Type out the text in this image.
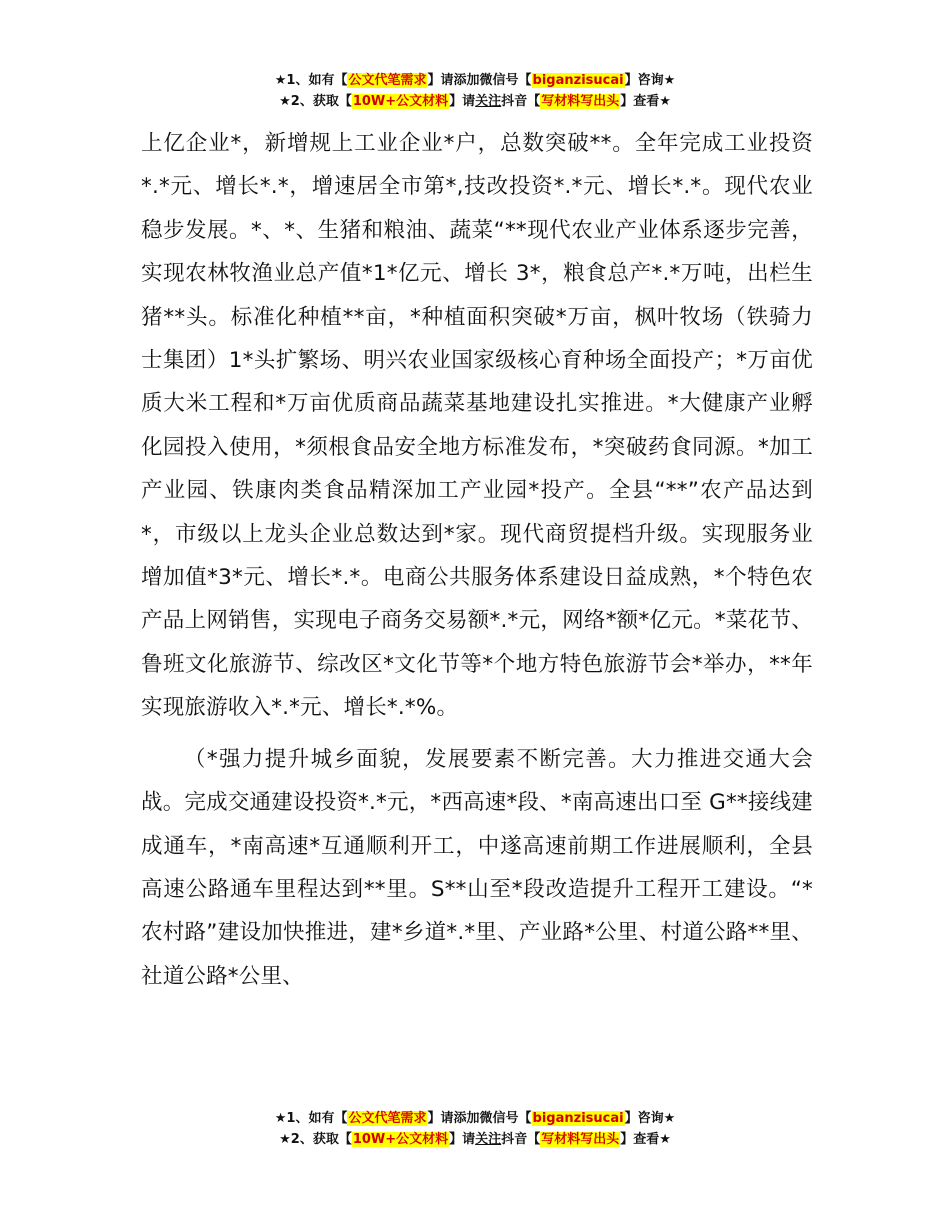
★1、如有【公文代笔需求】请添加微信号【biganzisucai】咨询★
★2、获取【10W+公文材料】请关注抖音【写材料写出头】查看★

上亿企业*，新增规上工业企业*户，总数突破**。全年完成工业投资*.*元、增长*.*，增速居全市第*,技改投资*.*元、增长*.*。现代农业稳步发展。*、*、生猪和粮油、蔬菜“**现代农业产业体系逐步完善，实现农林牧渔业总产值*1*亿元、增长 3*，粮食总产*.*万吨，出栏生猪**头。标准化种植**亩，*种植面积突破*万亩，枫叶牧场（铁骑力士集团）1*头扩繁场、明兴农业国家级核心育种场全面投产；*万亩优质大米工程和*万亩优质商品蔬菜基地建设扎实推进。*大健康产业孵化园投入使用，*须根食品安全地方标准发布，*突破药食同源。*加工产业园、铁康肉类食品精深加工产业园*投产。全县“**”农产品达到*，市级以上龙头企业总数达到*家。现代商贸提档升级。实现服务业增加值*3*元、增长*.*。电商公共服务体系建设日益成熟，*个特色农产品上网销售，实现电子商务交易额*.*元，网络*额*亿元。*菜花节、鲁班文化旅游节、综改区*文化节等*个地方特色旅游节会*举办，**年实现旅游收入*.*元、增长*.*%。

（*强力提升城乡面貌，发展要素不断完善。大力推进交通大会战。完成交通建设投资*.*元，*西高速*段、*南高速出口至 G**接线建成通车，*南高速*互通顺利开工，中遂高速前期工作进展顺利，全县高速公路通车里程达到**里。S**山至*段改造提升工程开工建设。“*农村路”建设加快推进，建*乡道*.*里、产业路*公里、村道公路**里、社道公路*公里、

★1、如有【公文代笔需求】请添加微信号【biganzisucai】咨询★
★2、获取【10W+公文材料】请关注抖音【写材料写出头】查看★
